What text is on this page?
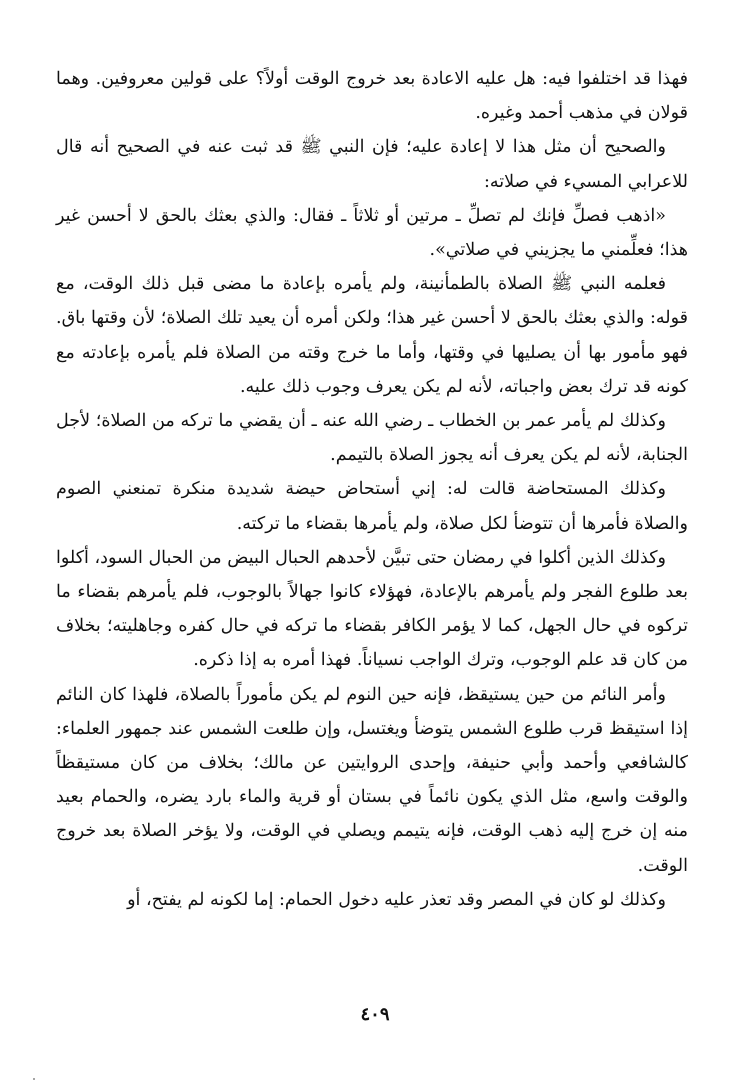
فهذا قد اختلفوا فيه: هل عليه الاعادة بعد خروج الوقت أولاً؟ على قولين معروفين. وهما قولان في مذهب أحمد وغيره.

والصحيح أن مثل هذا لا إعادة عليه؛ فإن النبي ﷺ قد ثبت عنه في الصحيح أنه قال للاعرابي المسيء في صلاته:

«اذهب فصلِّ فإنك لم تصلِّ ـ مرتين أو ثلاثاً ـ فقال: والذي بعثك بالحق لا أحسن غير هذا؛ فعلِّمني ما يجزيني في صلاتي».

فعلمه النبي ﷺ الصلاة بالطمأنينة، ولم يأمره بإعادة ما مضى قبل ذلك الوقت، مع قوله: والذي بعثك بالحق لا أحسن غير هذا؛ ولكن أمره أن يعيد تلك الصلاة؛ لأن وقتها باق. فهو مأمور بها أن يصليها في وقتها، وأما ما خرج وقته من الصلاة فلم يأمره بإعادته مع كونه قد ترك بعض واجباته، لأنه لم يكن يعرف وجوب ذلك عليه.

وكذلك لم يأمر عمر بن الخطاب ـ رضي الله عنه ـ أن يقضي ما تركه من الصلاة؛ لأجل الجنابة، لأنه لم يكن يعرف أنه يجوز الصلاة بالتيمم.

وكذلك المستحاضة قالت له: إني أستحاض حيضة شديدة منكرة تمنعني الصوم والصلاة فأمرها أن تتوضأ لكل صلاة، ولم يأمرها بقضاء ما تركته.

وكذلك الذين أكلوا في رمضان حتى تبيَّن لأحدهم الحبال البيض من الحبال السود، أكلوا بعد طلوع الفجر ولم يأمرهم بالإعادة، فهؤلاء كانوا جهالاً بالوجوب، فلم يأمرهم بقضاء ما تركوه في حال الجهل، كما لا يؤمر الكافر بقضاء ما تركه في حال كفره وجاهليته؛ بخلاف من كان قد علم الوجوب، وترك الواجب نسياناً. فهذا أمره به إذا ذكره.

وأمر النائم من حين يستيقظ، فإنه حين النوم لم يكن مأموراً بالصلاة، فلهذا كان النائم إذا استيقظ قرب طلوع الشمس يتوضأ ويغتسل، وإن طلعت الشمس عند جمهور العلماء: كالشافعي وأحمد وأبي حنيفة، وإحدى الروايتين عن مالك؛ بخلاف من كان مستيقظاً والوقت واسع، مثل الذي يكون نائماً في بستان أو قرية والماء بارد يضره، والحمام بعيد منه إن خرج إليه ذهب الوقت، فإنه يتيمم ويصلي في الوقت، ولا يؤخر الصلاة بعد خروج الوقت.

وكذلك لو كان في المصر وقد تعذر عليه دخول الحمام: إما لكونه لم يفتح، أو

٤٠٩
